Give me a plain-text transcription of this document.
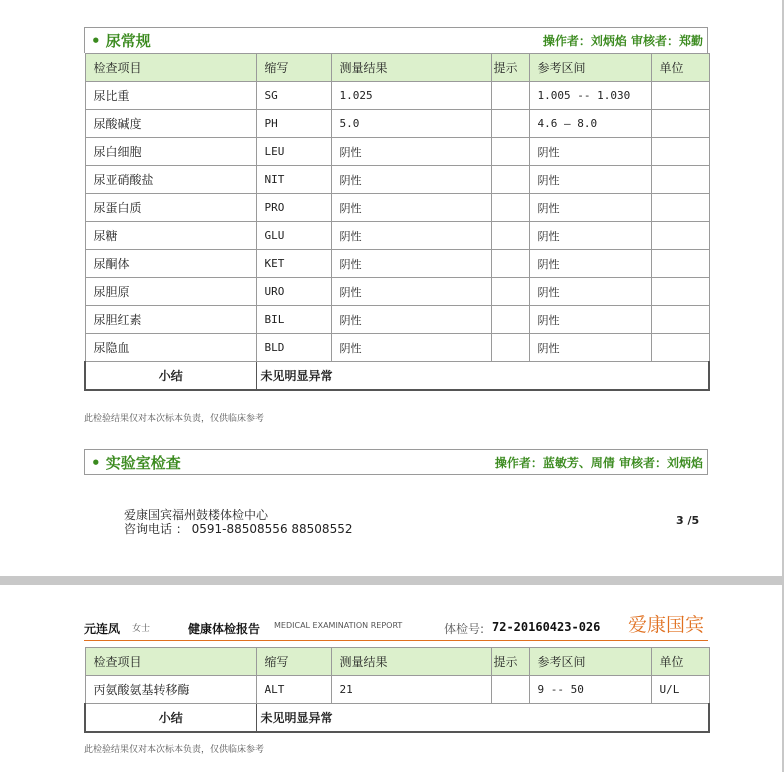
• 尿常规	操作者：刘炳焰 审核者：郑勤
检查项目	缩写	测量结果	提示	参考区间	单位
尿比重	SG	1.025		1.005 -- 1.030	
尿酸碱度	PH	5.0		4.6 — 8.0	
尿白细胞	LEU	阴性		阴性	
尿亚硝酸盐	NIT	阴性		阴性	
尿蛋白质	PRO	阴性		阴性	
尿糖	GLU	阴性		阴性	
尿酮体	KET	阴性		阴性	
尿胆原	URO	阴性		阴性	
尿胆红素	BIL	阴性		阴性	
尿隐血	BLD	阴性		阴性	
小结	未见明显异常				
此检验结果仅对本次标本负责，仅供临床参考
• 实验室检查	操作者：蓝敏芳、周倩 审核者：刘炳焰
爱康国宾福州鼓楼体检中心
咨询电话 ： 0591-88508556 88508552
3 /5
元连凤 女士	健康体检报告 MEDICAL EXAMINATION REPORT	体检号: 72-20160423-026 爱康国宾
检查项目	缩写	测量结果	提示	参考区间	单位
丙氨酸氨基转移酶	ALT	21		9 -- 50	U/L
小结	未见明显异常				
此检验结果仅对本次标本负责，仅供临床参考
